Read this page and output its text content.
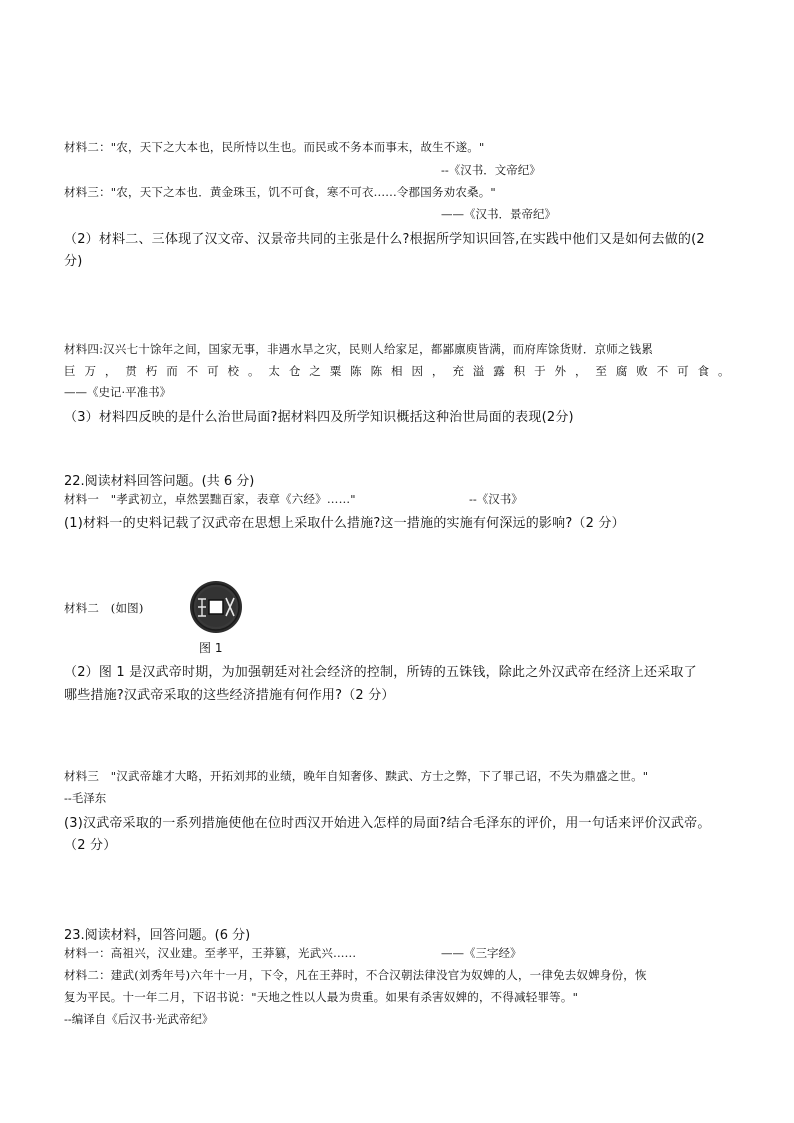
材料二："农，天下之大本也，民所恃以生也。而民或不务本而事末，故生不遂。"
--《汉书．文帝纪》
材料三："农，天下之本也．黄金珠玉，饥不可食，寒不可衣......令郡国务劝农桑。"
——《汉书．景帝纪》
（2）材料二、三体现了汉文帝、汉景帝共同的主张是什么?根据所学知识回答,在实践中他们又是如何去做的(2
分)
材料四:汉兴七十馀年之间，国家无事，非遇水旱之灾，民则人给家足，都鄙廪庾皆满，而府库馀货财．京师之钱累
巨 万 ， 贯 朽 而 不 可 校 。 太 仓 之 粟 陈 陈 相 因 ， 充 溢 露 积 于 外 ， 至 腐 败 不 可 食 。
——《史记·平准书》
（3）材料四反映的是什么治世局面?据材料四及所学知识概括这种治世局面的表现(2分)
22.阅读材料回答问题。(共 6 分)
材料一　"孝武初立，卓然罢黜百家，表章《六经》……"	--《汉书》
(1)材料一的史料记载了汉武帝在思想上采取什么措施?这一措施的实施有何深远的影响?（2 分）
材料二　(如图)
图 1
（2）图 1 是汉武帝时期，为加强朝廷对社会经济的控制，所铸的五铢钱，除此之外汉武帝在经济上还采取了
哪些措施?汉武帝采取的这些经济措施有何作用?（2 分）
材料三　"汉武帝雄才大略，开拓刘邦的业绩，晚年自知奢侈、黩武、方士之弊，下了罪己诏，不失为鼎盛之世。"
--毛泽东
(3)汉武帝采取的一系列措施使他在位时西汉开始进入怎样的局面?结合毛泽东的评价，用一句话来评价汉武帝。
（2 分）
23.阅读材料，回答问题。(6 分)
材料一：高祖兴，汉业建。至孝平，王莽篡，光武兴......	——《三字经》
材料二：建武(刘秀年号)六年十一月，下令，凡在王莽时，不合汉朝法律没官为奴婢的人，一律免去奴婢身份，恢
复为平民。十一年二月，下诏书说："天地之性以人最为贵重。如果有杀害奴婢的，不得减轻罪等。"
--编译自《后汉书·光武帝纪》
